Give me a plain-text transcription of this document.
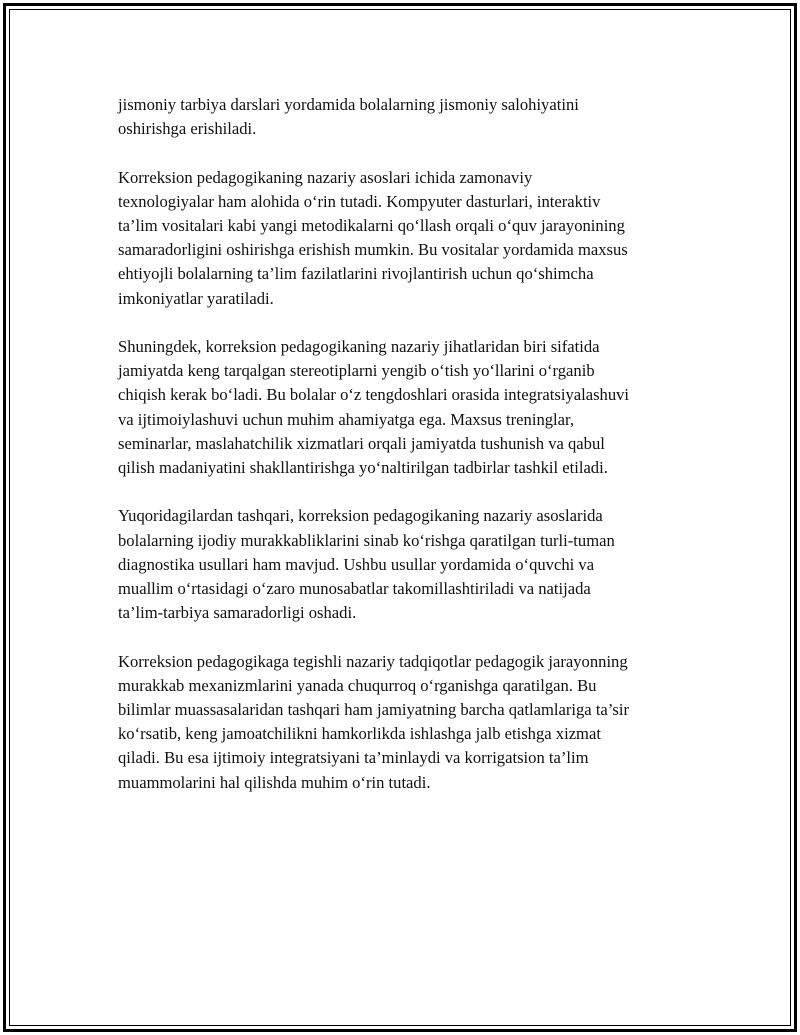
jismoniy tarbiya darslari yordamida bolalarning jismoniy salohiyatini
oshirishga erishiladi.

Korreksion pedagogikaning nazariy asoslari ichida zamonaviy
texnologiyalar ham alohida o‘rin tutadi. Kompyuter dasturlari, interaktiv
ta’lim vositalari kabi yangi metodikalarni qo‘llash orqali o‘quv jarayonining
samaradorligini oshirishga erishish mumkin. Bu vositalar yordamida maxsus
ehtiyojli bolalarning ta’lim fazilatlarini rivojlantirish uchun qo‘shimcha
imkoniyatlar yaratiladi.

Shuningdek, korreksion pedagogikaning nazariy jihatlaridan biri sifatida
jamiyatda keng tarqalgan stereotiplarni yengib o‘tish yo‘llarini o‘rganib
chiqish kerak bo‘ladi. Bu bolalar o‘z tengdoshlari orasida integratsiyalashuvi
va ijtimoiylashuvi uchun muhim ahamiyatga ega. Maxsus treninglar,
seminarlar, maslahatchilik xizmatlari orqali jamiyatda tushunish va qabul
qilish madaniyatini shakllantirishga yo‘naltirilgan tadbirlar tashkil etiladi.

Yuqoridagilardan tashqari, korreksion pedagogikaning nazariy asoslarida
bolalarning ijodiy murakkabliklarini sinab ko‘rishga qaratilgan turli-tuman
diagnostika usullari ham mavjud. Ushbu usullar yordamida o‘quvchi va
muallim o‘rtasidagi o‘zaro munosabatlar takomillashtiriladi va natijada
ta’lim-tarbiya samaradorligi oshadi.

Korreksion pedagogikaga tegishli nazariy tadqiqotlar pedagogik jarayonning
murakkab mexanizmlarini yanada chuqurroq o‘rganishga qaratilgan. Bu
bilimlar muassasalaridan tashqari ham jamiyatning barcha qatlamlariga ta’sir
ko‘rsatib, keng jamoatchilikni hamkorlikda ishlashga jalb etishga xizmat
qiladi. Bu esa ijtimoiy integratsiyani ta’minlaydi va korrigatsion ta’lim
muammolarini hal qilishda muhim o‘rin tutadi.
